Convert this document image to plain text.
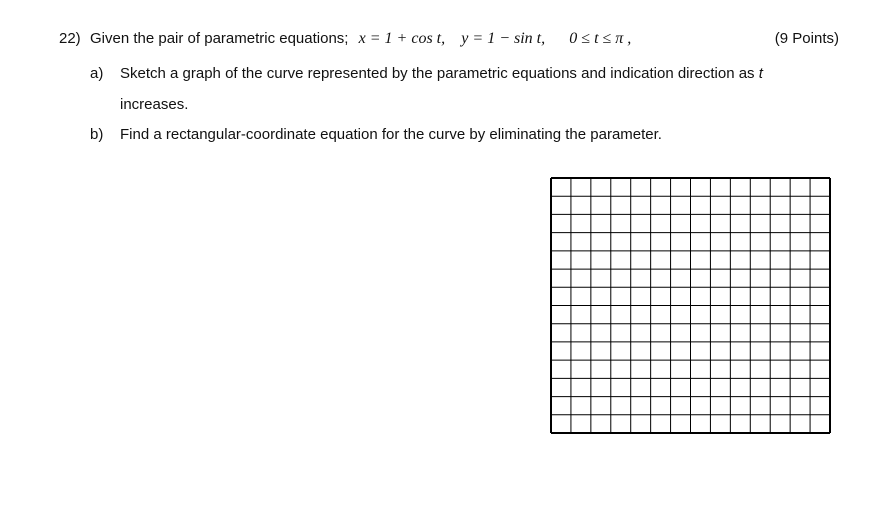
22) Given the pair of parametric equations; x = 1 + cos t, y = 1 − sin t, 0 ≤ t ≤ π ,	(9 Points)
a) Sketch a graph of the curve represented by the parametric equations and indication direction as t
increases.
b) Find a rectangular-coordinate equation for the curve by eliminating the parameter.
